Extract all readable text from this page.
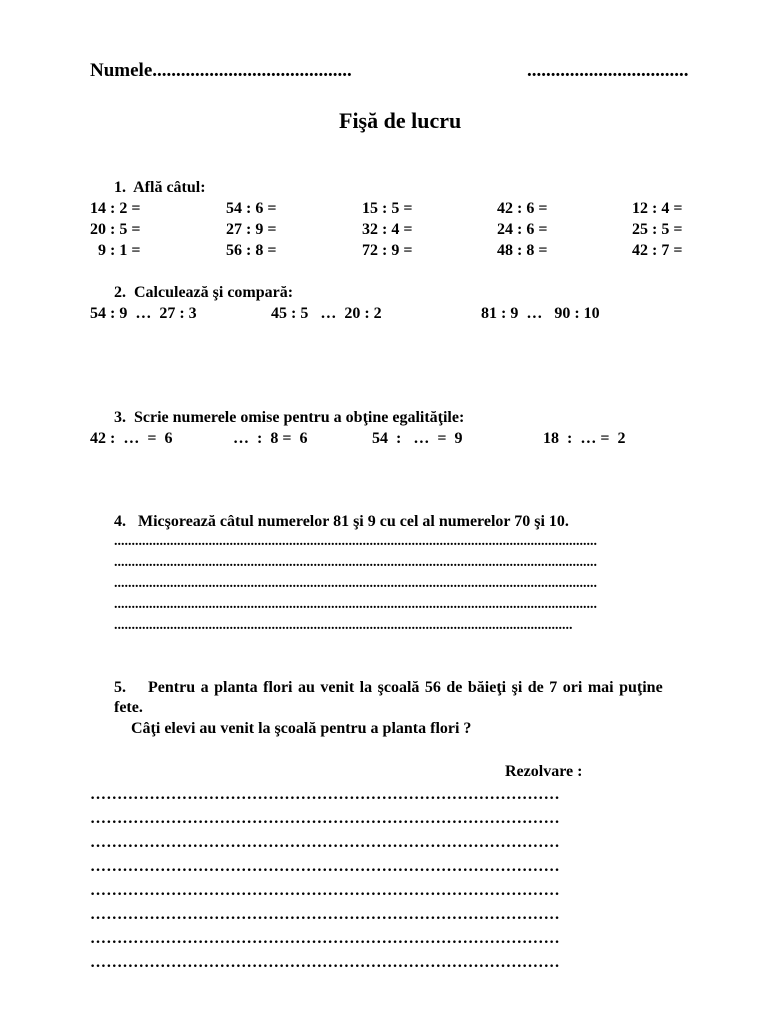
Numele..........................................	..................................
Fişă de lucru
1.  Află câtul:
14 : 2 =	54 : 6 =	15 : 5 =	42 : 6 =	12 : 4 =
20 : 5 =	27 : 9 =	32 : 4 =	24 : 6 =	25 : 5 =
9 : 1 =	56 : 8 =	72 : 9 =	48 : 8 =	42 : 7 =
2.  Calculează şi compară:
54 : 9  …  27 : 3	45 : 5   …  20 : 2	81 : 9  …   90 : 10
3.  Scrie numerele omise pentru a obţine egalităţile:
42 :  …  =  6	…  :  8 =  6	54  :   …  =  9	18  :  … =  2
4.   Micşorează câtul numerelor 81 şi 9 cu cel al numerelor 70 şi 10.
..........................................................................................................................................
..........................................................................................................................................
..........................................................................................................................................
..........................................................................................................................................
...................................................................................................................................
5.    Pentru a planta flori au venit la şcoală 56 de băieţi şi de 7 ori mai puţine
fete.
Câţi elevi au venit la şcoală pentru a planta flori ?
Rezolvare :
……………………………………………………………………………
……………………………………………………………………………
……………………………………………………………………………
……………………………………………………………………………
……………………………………………………………………………
……………………………………………………………………………
……………………………………………………………………………
……………………………………………………………………………
